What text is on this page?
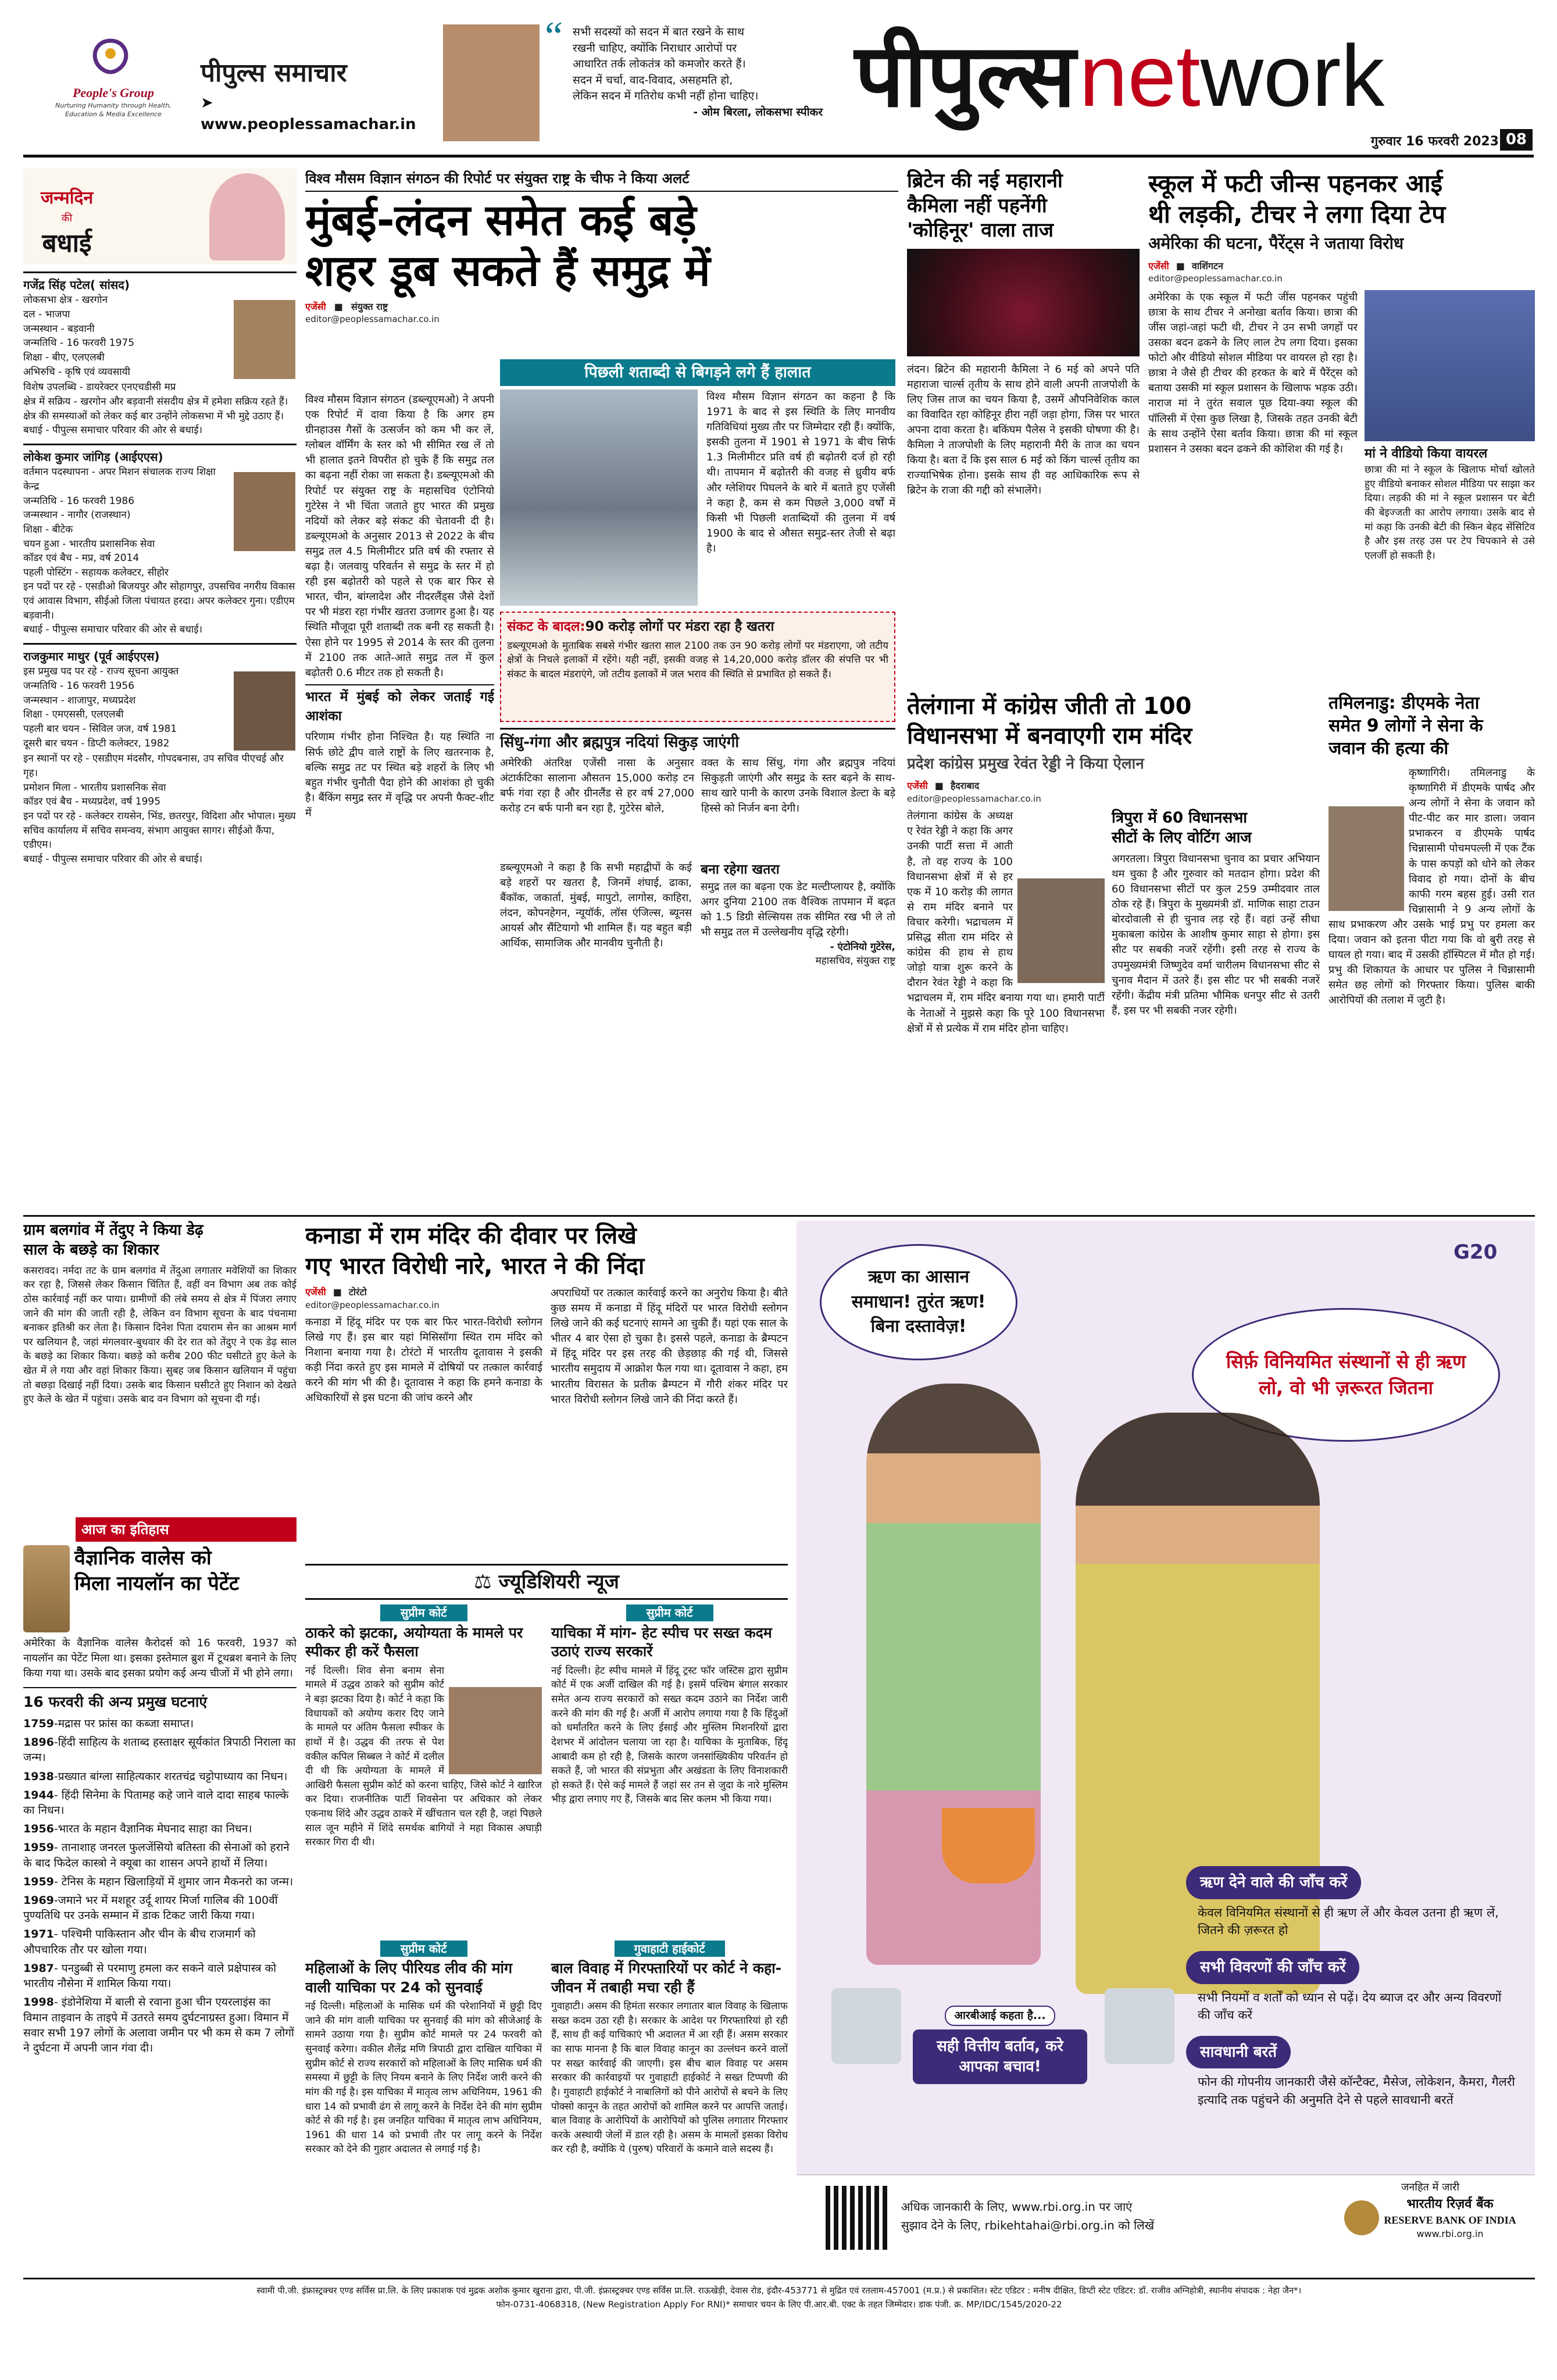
People's Group
Nurturing Humanity through Health, Education & Media Excellence
पीपुल्स समाचार
➤ www.peoplessamachar.in
“ सभी सदस्यों को सदन में बात रखने के साथ
रखनी चाहिए, क्योंकि निराधार आरोपों पर
आधारित तर्क लोकतंत्र को कमजोर करते हैं।
सदन में चर्चा, वाद-विवाद, असहमति हो,
लेकिन सदन में गतिरोध कभी नहीं होना चाहिए।
- ओम बिरला, लोकसभा स्पीकर पीपुल्स network
गुरुवार 16 फरवरी 2023 08
जन्मदिन
की
बधाई
गजेंद्र सिंह पटेल( सांसद)
लोकसभा क्षेत्र - खरगोन
दल - भाजपा
जन्मस्थान - बड़वानी
जन्मतिथि - 16 फरवरी 1975
शिक्षा - बीए, एलएलबी
अभिरुचि - कृषि एवं व्यवसायी
विशेष उपलब्धि - डायरेक्टर एनएचडीसी मप्र
क्षेत्र में सक्रिय - खरगोन और बड़वानी संसदीय क्षेत्र में हमेशा सक्रिय रहते हैं। क्षेत्र की समस्याओं को लेकर कई बार उन्होंने लोकसभा में भी मुद्दे उठाए हैं।
बधाई - पीपुल्स समाचार परिवार की ओर से बधाई।
लोकेश कुमार जांगिड़ (आईएएस)
वर्तमान पदस्थापना - अपर मिशन संचालक राज्य शिक्षा केन्द्र
जन्मतिथि - 16 फरवरी 1986
जन्मस्थान - नागौर (राजस्थान)
शिक्षा - बीटेक
चयन हुआ - भारतीय प्रशासनिक सेवा
कॉडर एवं बैच - मप्र, वर्ष 2014
पहली पोस्टिंग - सहायक कलेक्टर, सीहोर
इन पदों पर रहे - एसडीओ बिजयपुर और सोहागपुर, उपसचिव नगरीय विकास एवं आवास विभाग, सीईओ जिला पंचायत हरदा। अपर कलेक्टर गुना। एडीएम बड़वानी।
बधाई - पीपुल्स समाचार परिवार की ओर से बधाई।
राजकुमार माथुर (पूर्व आईएएस)
इस प्रमुख पद पर रहे - राज्य सूचना आयुक्त
जन्मतिथि - 16 फरवरी 1956
जन्मस्थान - शाजापुर, मध्यप्रदेश
शिक्षा - एमएससी, एलएलबी
पहली बार चयन - सिविल जज, वर्ष 1981
दूसरी बार चयन - डिप्टी कलेक्टर, 1982
इन स्थानों पर रहे - एसडीएम मंदसौर, गोपदबनास, उप सचिव पीएचई और गृह।
प्रमोशन मिला - भारतीय प्रशासनिक सेवा
कॉडर एवं बैच - मध्यप्रदेश, वर्ष 1995
इन पदों पर रहे - कलेक्टर रायसेन, भिंड, छतरपुर, विदिशा और भोपाल। मुख्य सचिव कार्यालय में सचिव समन्वय, संभाग आयुक्त सागर। सीईओ कैंपा, एडीएम।
बधाई - पीपुल्स समाचार परिवार की ओर से बधाई।
विश्व मौसम विज्ञान संगठन की रिपोर्ट पर संयुक्त राष्ट्र के चीफ ने किया अलर्ट
मुंबई-लंदन समेत कई बड़े
शहर डूब सकते हैं समुद्र में
एजेंसी ■ संयुक्त राष्ट्र
editor@peoplessamachar.co.in
पिछली शताब्दी से बिगड़ने लगे हैं हालात

विश्व मौसम विज्ञान संगठन (डब्ल्यूएमओ) ने अपनी एक रिपोर्ट में दावा किया है कि अगर हम ग्रीनहाउस गैसों के उत्सर्जन को कम भी कर लें, ग्लोबल वॉर्मिंग के स्तर को भी सीमित रख लें तो भी हालात इतने विपरीत हो चुके हैं कि समुद्र तल का बढ़ना नहीं रोका जा सकता है। डब्ल्यूएमओ की रिपोर्ट पर संयुक्त राष्ट्र के महासचिव एंटोनियो गुटेरेस ने भी चिंता जताते हुए भारत की प्रमुख नदियों को लेकर बड़े संकट की चेतावनी दी है। डब्ल्यूएमओ के अनुसार 2013 से 2022 के बीच समुद्र तल 4.5 मिलीमीटर प्रति वर्ष की रफ्तार से बढ़ा है। जलवायु परिवर्तन से समुद्र के स्तर में हो रही इस बढ़ोतरी को पहले से एक बार फिर से भारत, चीन, बांग्लादेश और नीदरलैंड्स जैसे देशों पर भी मंडरा रहा गंभीर खतरा उजागर हुआ है। यह स्थिति मौजूदा पूरी शताब्दी तक बनी रह सकती है। ऐसा होने पर 1995 से 2014 के स्तर की तुलना में 2100 तक आते-आते समुद्र तल में कुल बढ़ोतरी 0.6 मीटर तक हो सकती है।

भारत में मुंबई को लेकर जताई गई आशंका

परिणाम गंभीर होना निश्चित है। यह स्थिति ना सिर्फ छोटे द्वीप वाले राष्ट्रों के लिए खतरनाक है, बल्कि समुद्र तट पर स्थित बड़े शहरों के लिए भी बहुत गंभीर चुनौती पैदा होने की आशंका हो चुकी है। बैंकिंग समुद्र स्तर में वृद्धि पर अपनी फैक्ट-शीट में

विश्व मौसम विज्ञान संगठन का कहना है कि 1971 के बाद से इस स्थिति के लिए मानवीय गतिविधियां मुख्य तौर पर जिम्मेदार रही हैं। क्योंकि, इसकी तुलना में 1901 से 1971 के बीच सिर्फ 1.3 मिलीमीटर प्रति वर्ष ही बढ़ोतरी दर्ज हो रही थी। तापमान में बढ़ोतरी की वजह से ध्रुवीय बर्फ और ग्लेशियर पिघलने के बारे में बताते हुए एजेंसी ने कहा है, कम से कम पिछले 3,000 वर्षों में किसी भी पिछली शताब्दियों की तुलना में वर्ष 1900 के बाद से औसत समुद्र-स्तर तेजी से बढ़ा है।
संकट के बादल:90 करोड़ लोगों पर मंडरा रहा है खतरा
डब्ल्यूएमओ के मुताबिक सबसे गंभीर खतरा साल 2100 तक उन 90 करोड़ लोगों पर मंडराएगा, जो तटीय क्षेत्रों के निचले इलाकों में रहेंगे। यही नहीं, इसकी वजह से 14,20,000 करोड़ डॉलर की संपत्ति पर भी संकट के बादल मंडराएंगे, जो तटीय इलाकों में जल भराव की स्थिति से प्रभावित हो सकते हैं।
सिंधु-गंगा और ब्रह्मपुत्र नदियां सिकुड़ जाएंगी
अमेरिकी अंतरिक्ष एजेंसी नासा के अनुसार अंटार्कटिका सालाना औसतन 15,000 करोड़ टन बर्फ गंवा रहा है और ग्रीनलैंड से हर वर्ष 27,000 करोड़ टन बर्फ पानी बन रहा है, गुटेरेस बोले,
वक्त के साथ सिंधु, गंगा और ब्रह्मपुत्र नदियां सिकुड़ती जाएंगी और समुद्र के स्तर बढ़ने के साथ-साथ खारे पानी के कारण उनके विशाल डेल्टा के बड़े हिस्से को निर्जन बना देगी।
डब्ल्यूएमओ ने कहा है कि सभी महाद्वीपों के कई बड़े शहरों पर खतरा है, जिनमें शंघाई, ढाका, बैंकॉक, जकार्ता, मुंबई, मापुटो, लागोस, काहिरा, लंदन, कोपनहेगन, न्यूयॉर्क, लॉस एंजिल्स, ब्यूनस आयर्स और सैंटियागो भी शामिल हैं। यह बहुत बड़ी आर्थिक, सामाजिक और मानवीय चुनौती है।
बना रहेगा खतरा
समुद्र तल का बढ़ना एक डेट मल्टीप्लायर है, क्योंकि अगर दुनिया 2100 तक वैश्विक तापमान में बढ़त को 1.5 डिग्री सेल्सियस तक सीमित रख भी ले तो भी समुद्र तल में उल्लेखनीय वृद्धि रहेगी।
- एंटोनियो गुटेरेस,
महासचिव, संयुक्त राष्ट्र
ब्रिटेन की नई महारानी
कैमिला नहीं पहनेंगी
'कोहिनूर' वाला ताज
लंदन। ब्रिटेन की महारानी कैमिला ने 6 मई को अपने पति महाराजा चार्ल्स तृतीय के साथ होने वाली अपनी ताजपोशी के लिए जिस ताज का चयन किया है, उसमें औपनिवेशिक काल का विवादित रहा कोहिनूर हीरा नहीं जड़ा होगा, जिस पर भारत अपना दावा करता है। बकिंघम पैलेस ने इसकी घोषणा की है। कैमिला ने ताजपोशी के लिए महारानी मैरी के ताज का चयन किया है। बता दें कि इस साल 6 मई को किंग चार्ल्स तृतीय का राज्याभिषेक होना। इसके साथ ही वह आधिकारिक रूप से ब्रिटेन के राजा की गद्दी को संभालेंगे।
स्कूल में फटी जीन्स पहनकर आई
थी लड़की, टीचर ने लगा दिया टेप
अमेरिका की घटना, पैरेंट्स ने जताया विरोध
एजेंसी ■ वाशिंगटन
editor@peoplessamachar.co.in
अमेरिका के एक स्कूल में फटी जींस पहनकर पहुंची छात्रा के साथ टीचर ने अनोखा बर्ताव किया। छात्रा की जींस जहां-जहां फटी थी, टीचर ने उन सभी जगहों पर उसका बदन ढकने के लिए लाल टेप लगा दिया। इसका फोटो और वीडियो सोशल मीडिया पर वायरल हो रहा है। छात्रा ने जैसे ही टीचर की हरकत के बारे में पैरेंट्स को बताया उसकी मां स्कूल प्रशासन के खिलाफ भड़क उठी। नाराज मां ने तुरंत सवाल पूछ दिया-क्या स्कूल की पॉलिसी में ऐसा कुछ लिखा है, जिसके तहत उनकी बेटी के साथ उन्होंने ऐसा बर्ताव किया। छात्रा की मां स्कूल प्रशासन ने उसका बदन ढकने की कोशिश की गई है।	मां ने वीडियो किया वायरल
छात्रा की मां ने स्कूल के खिलाफ मोर्चा खोलते हुए वीडियो बनाकर सोशल मीडिया पर साझा कर दिया। लड़की की मां ने स्कूल प्रशासन पर बेटी की बेइज्जती का आरोप लगाया। उसके बाद से मां कहा कि उनकी बेटी की स्किन बेहद सेंसिटिव है और इस तरह उस पर टेप चिपकाने से उसे एलर्जी हो सकती है।
तेलंगाना में कांग्रेस जीती तो 100
विधानसभा में बनवाएगी राम मंदिर
प्रदेश कांग्रेस प्रमुख रेवंत रेड्डी ने किया ऐलान
एजेंसी ■ हैदराबाद
editor@peoplessamachar.co.in
तेलंगाना कांग्रेस के अध्यक्ष ए रेवंत रेड्डी ने कहा कि अगर उनकी पार्टी सत्ता में आती है, तो वह राज्य के 100 विधानसभा क्षेत्रों में से हर एक में 10 करोड़ की लागत से राम मंदिर बनाने पर विचार करेगी। भद्राचलम में प्रसिद्ध सीता राम मंदिर से कांग्रेस की हाथ से हाथ जोड़ो यात्रा शुरू करने के दौरान रेवंत रेड्डी ने कहा कि भद्राचलम में, राम मंदिर बनाया गया था। हमारी पार्टी के नेताओं ने मुझसे कहा कि पूरे 100 विधानसभा क्षेत्रों में से प्रत्येक में राम मंदिर होना चाहिए।
त्रिपुरा में 60 विधानसभा
सीटों के लिए वोटिंग आज
अगरतला। त्रिपुरा विधानसभा चुनाव का प्रचार अभियान थम चुका है और गुरुवार को मतदान होगा। प्रदेश की 60 विधानसभा सीटों पर कुल 259 उम्मीदवार ताल ठोक रहे हैं। त्रिपुरा के मुख्यमंत्री डॉ. माणिक साहा टाउन बोरदोवाली से ही चुनाव लड़ रहे हैं। वहां उन्हें सीधा मुकाबला कांग्रेस के आशीष कुमार साहा से होगा। इस सीट पर सबकी नजरें रहेंगी। इसी तरह से राज्य के उपमुख्यमंत्री जिष्णुदेव वर्मा चारीलम विधानसभा सीट से चुनाव मैदान में उतरे हैं। इस सीट पर भी सबकी नजरें रहेंगी। केंद्रीय मंत्री प्रतिमा भौमिक धनपुर सीट से उतरी हैं, इस पर भी सबकी नजर रहेगी।
तमिलनाडु: डीएमके नेता
समेत 9 लोगों ने सेना के
जवान की हत्या की
कृष्णागिरी। तमिलनाडु के कृष्णागिरी में डीएमके पार्षद और अन्य लोगों ने सेना के जवान को पीट-पीट कर मार डाला। जवान प्रभाकरन व डीएमके पार्षद चिन्नासामी पोचमपल्ली में एक टैंक के पास कपड़ों को धोने को लेकर विवाद हो गया। दोनों के बीच काफी गरम बहस हुई। उसी रात चिन्नासामी ने 9 अन्य लोगों के साथ प्रभाकरण और उसके भाई प्रभु पर हमला कर दिया। जवान को इतना पीटा गया कि वो बुरी तरह से घायल हो गया। बाद में उसकी हॉस्पिटल में मौत हो गई। प्रभु की शिकायत के आधार पर पुलिस ने चिन्नासामी समेत छह लोगों को गिरफ्तार किया। पुलिस बाकी आरोपियों की तलाश में जुटी है।
ग्राम बलगांव में तेंदुए ने किया डेढ़
साल के बछड़े का शिकार
कसरावद। नर्मदा तट के ग्राम बलगांव में तेंदुआ लगातार मवेशियों का शिकार कर रहा है, जिससे लेकर किसान चिंतित हैं, वहीं वन विभाग अब तक कोई ठोस कार्रवाई नहीं कर पाया। ग्रामीणों की लंबे समय से क्षेत्र में पिंजरा लगाए जाने की मांग की जाती रही है, लेकिन वन विभाग सूचना के बाद पंचनामा बनाकर इतिश्री कर लेता है। किसान दिनेश पिता दयाराम सेन का आश्रम मार्ग पर खलियान है, जहां मंगलवार-बुधवार की देर रात को तेंदुए ने एक डेढ़ साल के बछड़े का शिकार किया। बछड़े को करीब 200 फीट घसीटते हुए केले के खेत में ले गया और वहां शिकार किया। सुबह जब किसान खलियान में पहुंचा तो बछड़ा दिखाई नहीं दिया। उसके बाद किसान घसीटते हुए निशान को देखते हुए केले के खेत में पहुंचा। उसके बाद वन विभाग को सूचना दी गई।
आज का इतिहास
वैज्ञानिक वालेस को
मिला नायलॉन का पेटेंट
अमेरिका के वैज्ञानिक वालेस कैरोदर्स को 16 फरवरी, 1937 को नायलॉन का पेटेंट मिला था। इसका इस्तेमाल ब्रुश में टूथब्रश बनाने के लिए किया गया था। उसके बाद इसका प्रयोग कई अन्य चीजों में भी होने लगा।
16 फरवरी की अन्य प्रमुख घटनाएं
1759-मद्रास पर फ्रांस का कब्जा समाप्त।
1896-हिंदी साहित्य के शताब्द हस्ताक्षर सूर्यकांत त्रिपाठी निराला का जन्म।
1938-प्रख्यात बांग्ला साहित्यकार शरतचंद्र चट्टोपाध्याय का निधन।
1944- हिंदी सिनेमा के पितामह कहे जाने वाले दादा साहब फाल्के का निधन।
1956-भारत के महान वैज्ञानिक मेघनाद साहा का निधन।
1959- तानाशाह जनरल फुलजेंसियो बतिस्ता की सेनाओं को हराने के बाद फिदेल कास्त्रो ने क्यूबा का शासन अपने हाथों में लिया।
1959- टेनिस के महान खिलाड़ियों में शुमार जान मैकनरो का जन्म।
1969-जमाने भर में मशहूर उर्दू शायर मिर्जा गालिब की 100वीं पुण्यतिथि पर उनके सम्मान में डाक टिकट जारी किया गया।
1971- पश्चिमी पाकिस्तान और चीन के बीच राजमार्ग को औपचारिक तौर पर खोला गया।
1987- पनडुब्बी से परमाणु हमला कर सकने वाले प्रक्षेपास्त्र को भारतीय नौसेना में शामिल किया गया।
1998- इंडोनेशिया में बाली से रवाना हुआ चीन एयरलाइंस का विमान ताइवान के ताइपे में उतरते समय दुर्घटनाग्रस्त हुआ। विमान में सवार सभी 197 लोगों के अलावा जमीन पर भी कम से कम 7 लोगों ने दुर्घटना में अपनी जान गंवा दी।
कनाडा में राम मंदिर की दीवार पर लिखे
गए भारत विरोधी नारे, भारत ने की निंदा
एजेंसी ■ टोरंटो
editor@peoplessamachar.co.in
कनाडा में हिंदू मंदिर पर एक बार फिर भारत-विरोधी स्लोगन लिखे गए हैं। इस बार यहां मिसिसॉगा स्थित राम मंदिर को निशाना बनाया गया है। टोरंटो में भारतीय दूतावास ने इसकी कड़ी निंदा करते हुए इस मामले में दोषियों पर तत्काल कार्रवाई करने की मांग भी की है। दूतावास ने कहा कि हमने कनाडा के अधिकारियों से इस घटना की जांच करने और
अपराधियों पर तत्काल कार्रवाई करने का अनुरोध किया है। बीते कुछ समय में कनाडा में हिंदू मंदिरों पर भारत विरोधी स्लोगन लिखे जाने की कई घटनाएं सामने आ चुकी हैं। यहां एक साल के भीतर 4 बार ऐसा हो चुका है। इससे पहले, कनाडा के ब्रैम्पटन में हिंदू मंदिर पर इस तरह की छेड़छाड़ की गई थी, जिससे भारतीय समुदाय में आक्रोश फैल गया था। दूतावास ने कहा, हम भारतीय विरासत के प्रतीक ब्रैम्पटन में गौरी शंकर मंदिर पर भारत विरोधी स्लोगन लिखे जाने की निंदा करते हैं।
⚖ ज्यूडिशियरी न्यूज
सुप्रीम कोर्ट
ठाकरे को झटका, अयोग्यता के मामले पर स्पीकर ही करें फैसला
नई दिल्ली। शिव सेना बनाम सेना मामले में उद्धव ठाकरे को सुप्रीम कोर्ट ने बड़ा झटका दिया है। कोर्ट ने कहा कि विधायकों को अयोग्य करार दिए जाने के मामले पर अंतिम फैसला स्पीकर के हाथों में है। उद्धव की तरफ से पेश वकील कपिल सिब्बल ने कोर्ट में दलील दी थी कि अयोग्यता के मामले में आखिरी फैसला सुप्रीम कोर्ट को करना चाहिए, जिसे कोर्ट ने खारिज कर दिया। राजनीतिक पार्टी शिवसेना पर अधिकार को लेकर एकनाथ शिंदे और उद्धव ठाकरे में खींचतान चल रही है, जहां पिछले साल जून महीने में शिंदे समर्थक बागियों ने महा विकास अघाड़ी सरकार गिरा दी थी।
सुप्रीम कोर्ट
महिलाओं के लिए पीरियड लीव की मांग वाली याचिका पर 24 को सुनवाई
नई दिल्ली। महिलाओं के मासिक धर्म की परेशानियों में छुट्टी दिए जाने की मांग वाली याचिका पर सुनवाई की मांग को सीजेआई के सामने उठाया गया है। सुप्रीम कोर्ट मामले पर 24 फरवरी को सुनवाई करेगा। वकील शैलेंद्र मणि त्रिपाठी द्वारा दाखिल याचिका में सुप्रीम कोर्ट से राज्य सरकारों को महिलाओं के लिए मासिक धर्म की समस्या में छुट्टी के लिए नियम बनाने के लिए निर्देश जारी करने की मांग की गई है। इस याचिका में मातृत्व लाभ अधिनियम, 1961 की धारा 14 को प्रभावी ढंग से लागू करने के निर्देश देने की मांग सुप्रीम कोर्ट से की गई है। इस जनहित याचिका में मातृत्व लाभ अधिनियम, 1961 की धारा 14 को प्रभावी तौर पर लागू करने के निर्देश सरकार को देने की गुहार अदालत से लगाई गई है।
सुप्रीम कोर्ट
याचिका में मांग- हेट स्पीच पर सख्त कदम उठाएं राज्य सरकारें
नई दिल्ली। हेट स्पीच मामले में हिंदू ट्रस्ट फॉर जस्टिस द्वारा सुप्रीम कोर्ट में एक अर्जी दाखिल की गई है। इसमें पश्चिम बंगाल सरकार समेत अन्य राज्य सरकारों को सख्त कदम उठाने का निर्देश जारी करने की मांग की गई है। अर्जी में आरोप लगाया गया है कि हिंदुओं को धर्मांतरित करने के लिए ईसाई और मुस्लिम मिशनरियों द्वारा देशभर में आंदोलन चलाया जा रहा है। याचिका के मुताबिक, हिंदू आबादी कम हो रही है, जिसके कारण जनसांख्यिकीय परिवर्तन हो सकते हैं, जो भारत की संप्रभुता और अखंडता के लिए विनाशकारी हो सकते हैं। ऐसे कई मामले हैं जहां सर तन से जुदा के नारे मुस्लिम भीड़ द्वारा लगाए गए हैं, जिसके बाद सिर कलम भी किया गया।
गुवाहाटी हाईकोर्ट
बाल विवाह में गिरफ्तारियों पर कोर्ट ने कहा- जीवन में तबाही मचा रही हैं
गुवाहाटी। असम की हिमंता सरकार लगातार बाल विवाह के खिलाफ सख्त कदम उठा रही है। सरकार के आदेश पर गिरफ्तारियां हो रही हैं, साथ ही कई याचिकाएं भी अदालत में आ रही हैं। असम सरकार का साफ मानना है कि बाल विवाह कानून का उल्लंघन करने वालों पर सख्त कार्रवाई की जाएगी। इस बीच बाल विवाह पर असम सरकार की कार्रवाइयों पर गुवाहाटी हाईकोर्ट ने सख्त टिप्पणी की है। गुवाहाटी हाईकोर्ट ने नाबालिगों को पीने आरोपों से बचने के लिए पोक्सो कानून के तहत आरोपों को शामिल करने पर आपत्ति जताई। बाल विवाह के आरोपियों के आरोपियों को पुलिस लगातार गिरफ्तार करके अस्थायी जेलों में डाल रही है। असम के मामलों इसका विरोध कर रही है, क्योंकि ये (पुरुष) परिवारों के कमाने वाले सदस्य हैं।
ऋण का आसान समाधान! तुरंत ऋण! बिना दस्तावेज़!
G20
सिर्फ़ विनियमित संस्थानों से ही ऋण लो, वो भी ज़रूरत जितना
ऋण देने वाले की जाँच करें
केवल विनियमित संस्थानों से ही ऋण लें और केवल उतना ही ऋण लें, जितने की ज़रूरत हो
सभी विवरणों की जाँच करें
सभी नियमों व शर्तों को ध्यान से पढ़ें। देय ब्याज दर और अन्य विवरणों की जाँच करें
सावधानी बरतें
फोन की गोपनीय जानकारी जैसे कॉन्टैक्ट, मैसेज, लोकेशन, कैमरा, गैलरी इत्यादि तक पहुंचने की अनुमति देने से पहले सावधानी बरतें
आरबीआई कहता है...
सही वित्तीय बर्ताव, करे आपका बचाव!
अधिक जानकारी के लिए, www.rbi.org.in पर जाएं
सुझाव देने के लिए, rbikehtahai@rbi.org.in को लिखें
जनहित में जारी
भारतीय रिज़र्व बैंक
RESERVE BANK OF INDIA
www.rbi.org.in
स्वामी पी.जी. इंफ्रास्ट्रक्चर एण्ड सर्विस प्रा.लि. के लिए प्रकाशक एवं मुद्रक अशोक कुमार खुराना द्वारा, पी.जी. इंफ्रास्ट्रक्चर एण्ड सर्विस प्रा.लि. राऊखेड़ी, देवास रोड, इंदौर-453771 से मुद्रित एवं रतलाम-457001 (म.प्र.) से प्रकाशित। स्टेट एडिटर : मनीष दीक्षित, डिप्टी स्टेट एडिटर: डॉ. राजीव अग्निहोत्री, स्थानीय संपादक : नेहा जैन*।
फोन-0731-4068318, (New Registration Apply For RNI)* समाचार चयन के लिए पी.आर.बी. एक्ट के तहत जिम्मेदार। डाक पंजी. क्र. MP/IDC/1545/2020-22
